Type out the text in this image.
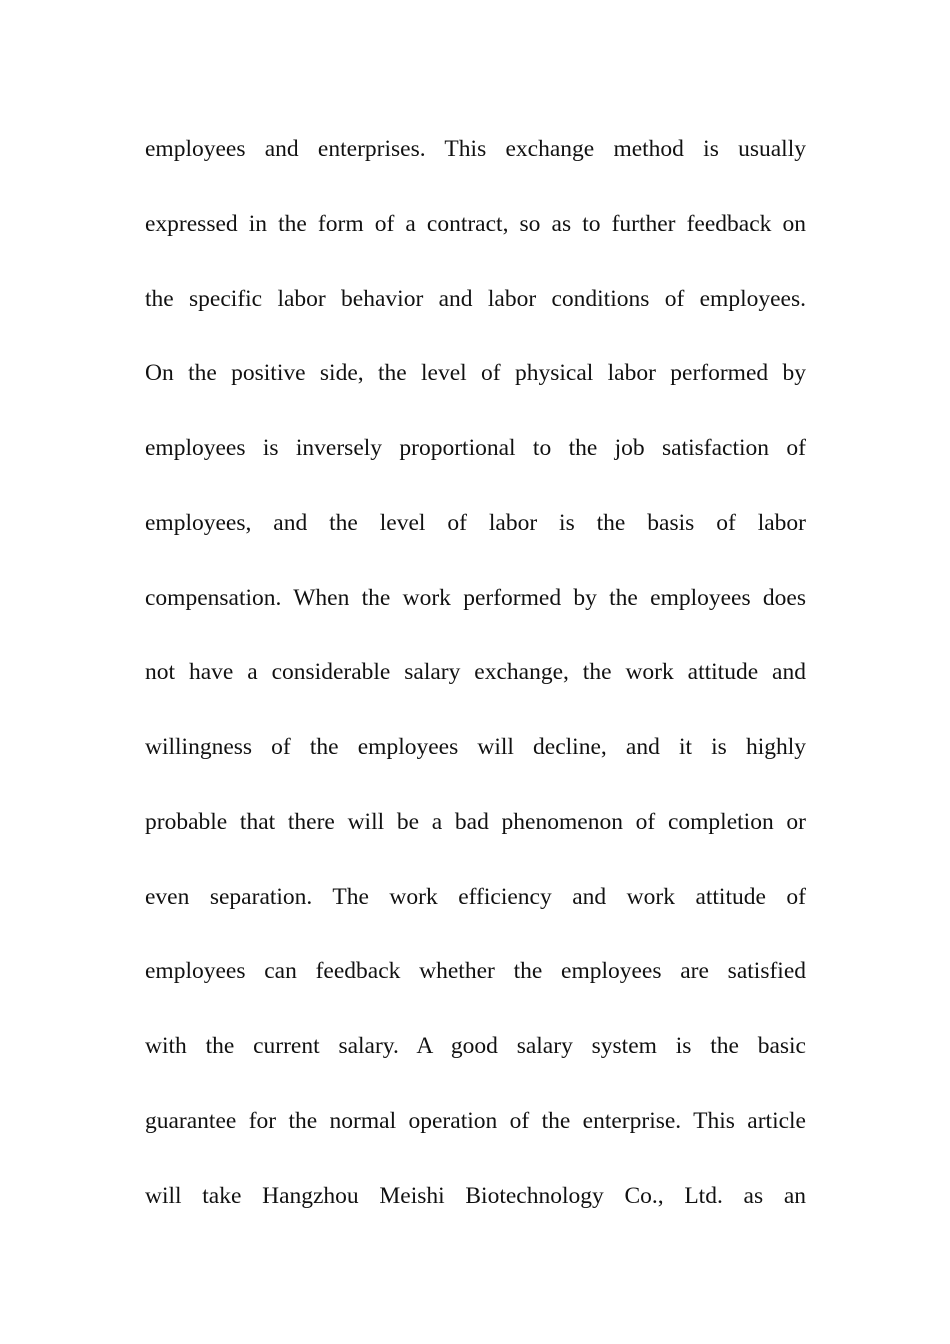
employees and enterprises. This exchange method is usually
expressed in the form of a contract, so as to further feedback on
the specific labor behavior and labor conditions of employees.
On the positive side, the level of physical labor performed by
employees is inversely proportional to the job satisfaction of
employees, and the level of labor is the basis of labor
compensation. When the work performed by the employees does
not have a considerable salary exchange, the work attitude and
willingness of the employees will decline, and it is highly
probable that there will be a bad phenomenon of completion or
even separation. The work efficiency and work attitude of
employees can feedback whether the employees are satisfied
with the current salary. A good salary system is the basic
guarantee for the normal operation of the enterprise. This article
will take Hangzhou Meishi Biotechnology Co., Ltd. as an
